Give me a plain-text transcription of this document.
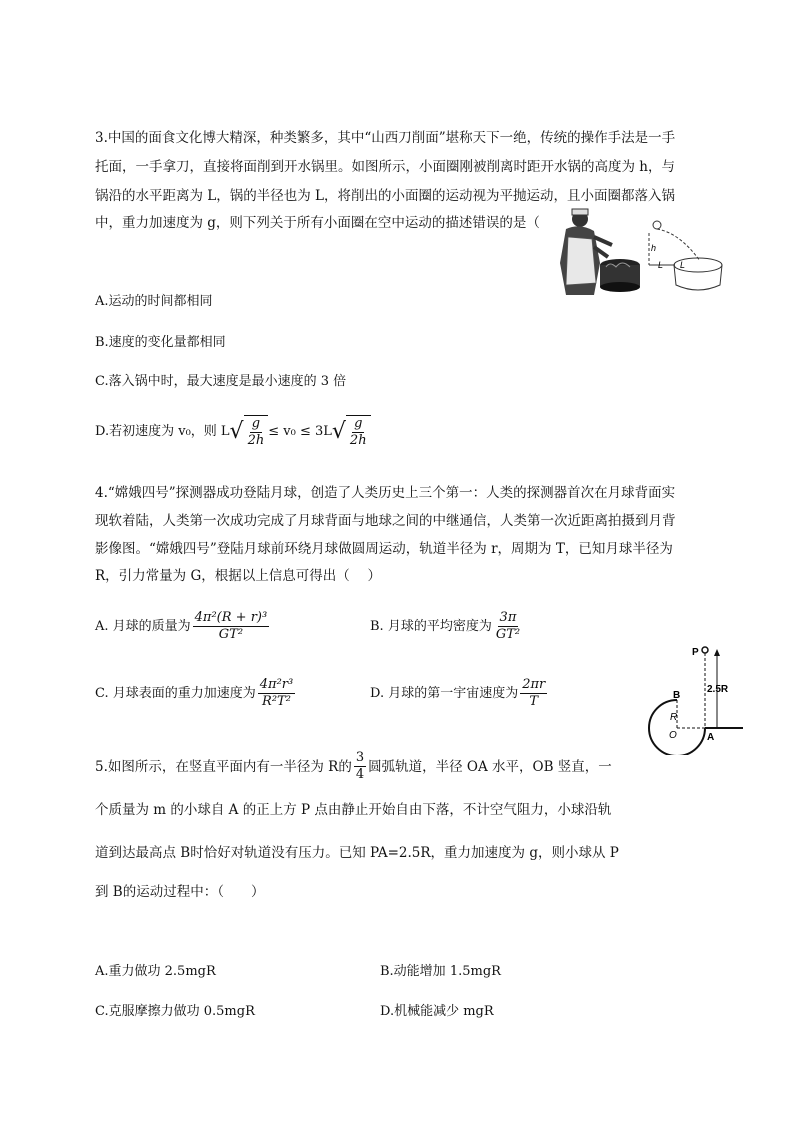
3.中国的面食文化博大精深，种类繁多，其中“山西刀削面”堪称天下一绝，传统的操作手法是一手
托面，一手拿刀，直接将面削到开水锅里。如图所示，小面圈刚被削离时距开水锅的高度为 h，与
锅沿的水平距离为 L，锅的半径也为 L，将削出的小面圈的运动视为平抛运动，且小面圈都落入锅
中，重力加速度为 g，则下列关于所有小面圈在空中运动的描述错误的是（
h
L L
A.运动的时间都相同
B.速度的变化量都相同
C.落入锅中时，最大速度是最小速度的 3 倍
D.若初速度为 v₀，则 L √ $\frac{g}{2h} \le v_0 \le 3L$ √ $\frac{g}{2h}$
4.“嫦娥四号”探测器成功登陆月球，创造了人类历史上三个第一：人类的探测器首次在月球背面实
现软着陆，人类第一次成功完成了月球背面与地球之间的中继通信，人类第一次近距离拍摄到月背
影像图。“嫦娥四号”登陆月球前环绕月球做圆周运动，轨道半径为 r，周期为 T，已知月球半径为
R，引力常量为 G，根据以上信息可得出（　 ）
A. 月球的质量为 $\frac{\text{4π²(R + r)³}}{\text{GT²}}$	B. 月球的平均密度为 $\frac{3\pi}{\text{GT²}}$
C. 月球表面的重力加速度为 $\frac{\text{4π²r³}}{\text{R²T²}}$	D. 月球的第一宇宙速度为 $\frac{2\pi r}{T}$
P
2.5R
B
R
O	A
5.如图所示，在竖直平面内有一半径为 R的 $\frac{3}{4}$ 圆弧轨道，半径 OA 水平，OB 竖直，一
个质量为 m 的小球自 A 的正上方 P 点由静止开始自由下落，不计空气阻力，小球沿轨
道到达最高点 B时恰好对轨道没有压力。已知 PA=2.5R，重力加速度为 g，则小球从 P
到 B的运动过程中：（　　）
A.重力做功 2.5mgR	B.动能增加 1.5mgR
C.克服摩擦力做功 0.5mgR	D.机械能减少 mgR
